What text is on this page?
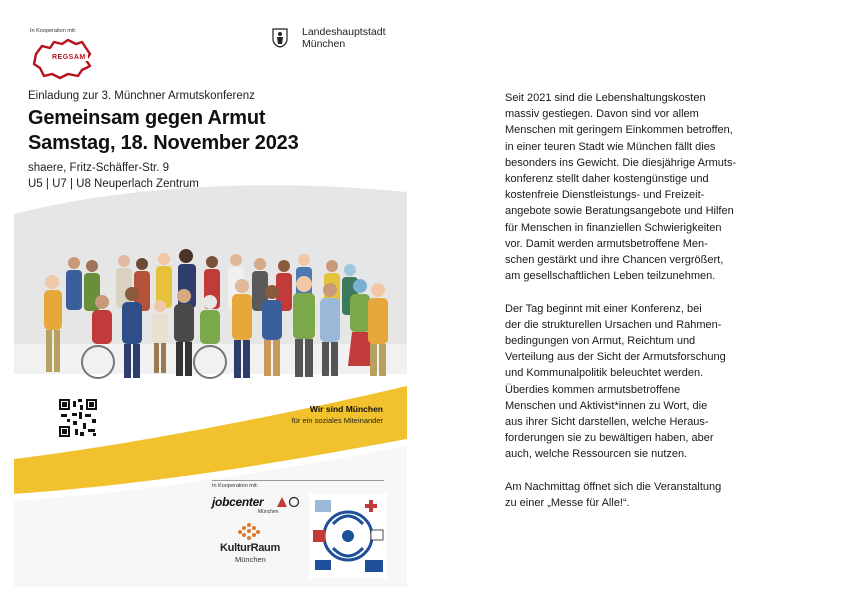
In Kooperation mit:
REGSAM
Landeshauptstadt
München
Einladung zur 3. Münchner Armutskonferenz
Gemeinsam gegen Armut
Samstag, 18. November 2023
shaere, Fritz-Schäffer-Str. 9
U5 | U7 | U8 Neuperlach Zentrum
Wir sind München
für ein soziales Miteinander
In Kooperation mit:
jobcenter
München
KulturRaum
München

Seit 2021 sind die Lebenshaltungskosten
massiv gestiegen. Davon sind vor allem
Menschen mit geringem Einkommen betroffen,
in einer teuren Stadt wie München fällt dies
besonders ins Gewicht. Die diesjährige Armuts-
konferenz stellt daher kostengünstige und
kostenfreie Dienstleistungs- und Freizeit-
angebote sowie Beratungsangebote und Hilfen
für Menschen in finanziellen Schwierigkeiten
vor. Damit werden armutsbetroffene Men-
schen gestärkt und ihre Chancen vergrößert,
am gesellschaftlichen Leben teilzunehmen.

Der Tag beginnt mit einer Konferenz, bei
der die strukturellen Ursachen und Rahmen-
bedingungen von Armut, Reichtum und
Verteilung aus der Sicht der Armutsforschung
und Kommunalpolitik beleuchtet werden.
Überdies kommen armutsbetroffene
Menschen und Aktivist*innen zu Wort, die
aus ihrer Sicht darstellen, welche Heraus-
forderungen sie zu bewältigen haben, aber
auch, welche Ressourcen sie nutzen.

Am Nachmittag öffnet sich die Veranstaltung
zu einer „Messe für Alle!“.
